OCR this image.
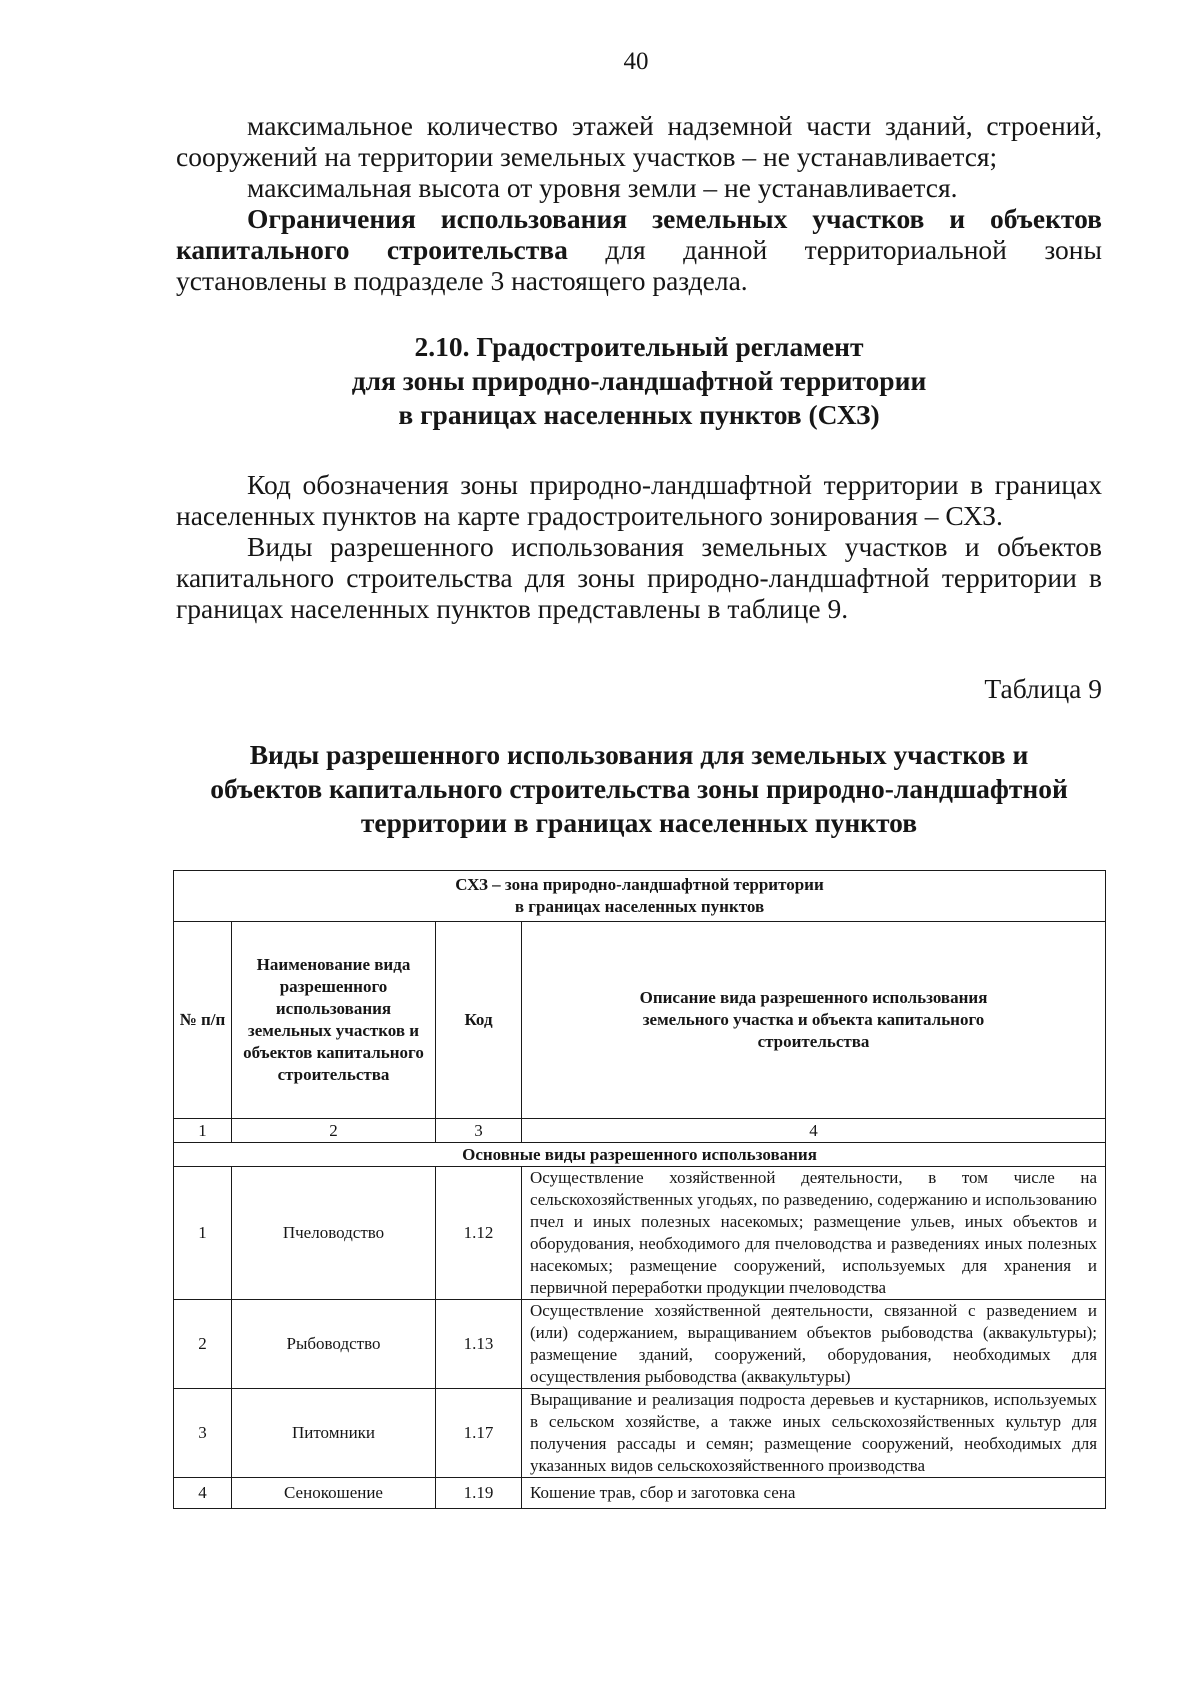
40

максимальное количество этажей надземной части зданий, строений, сооружений на территории земельных участков – не устанавливается;

максимальная высота от уровня земли – не устанавливается.

Ограничения использования земельных участков и объектов капитального строительства для данной территориальной зоны установлены в подразделе 3 настоящего раздела.

2.10. Градостроительный регламент
для зоны природно-ландшафтной территории
в границах населенных пунктов (СХЗ)

Код обозначения зоны природно-ландшафтной территории в границах населенных пунктов на карте градостроительного зонирования – СХЗ.

Виды разрешенного использования земельных участков и объектов капитального строительства для зоны природно-ландшафтной территории в границах населенных пунктов представлены в таблице 9.

Таблица 9
Виды разрешенного использования для земельных участков и
объектов капитального строительства зоны природно-ландшафтной
территории в границах населенных пунктов
СХЗ – зона природно-ландшафтной территории
в границах населенных пунктов			

№ п/п	Наименование вида разрешенного использования земельных участков и объектов капитального строительства	Код	Описание вида разрешенного использования земельного участка и объекта капитального строительства
1	2	3	4
Основные виды разрешенного использования			
1	Пчеловодство	1.12	Осуществление хозяйственной деятельности, в том числе на сельскохозяйственных угодьях, по разведению, содержанию и использованию пчел и иных полезных насекомых; размещение ульев, иных объектов и оборудования, необходимого для пчеловодства и разведениях иных полезных насекомых; размещение сооружений, используемых для хранения и первичной переработки продукции пчеловодства
2	Рыбоводство	1.13	Осуществление хозяйственной деятельности, связанной с разведением и (или) содержанием, выращиванием объектов рыбоводства (аквакультуры); размещение зданий, сооружений, оборудования, необходимых для осуществления рыбоводства (аквакультуры)
3	Питомники	1.17	Выращивание и реализация подроста деревьев и кустарников, используемых в сельском хозяйстве, а также иных сельскохозяйственных культур для получения рассады и семян; размещение сооружений, необходимых для указанных видов сельскохозяйственного производства
4	Сенокошение	1.19	Кошение трав, сбор и заготовка сена
